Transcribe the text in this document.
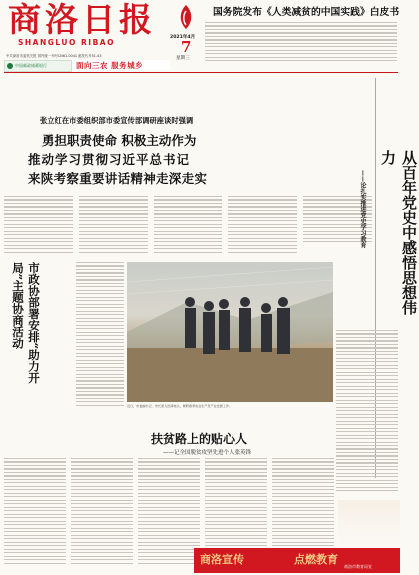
商洛日报
SHANGLUO RIBAO
2021年4月
7
星期三
中共商洛市委机关报 国内统一刊号CN61-0041 邮发代号51-43
中国邮政储蓄银行	面向三农 服务城乡
国务院发布《人类减贫的中国实践》白皮书
张立红在市委组织部市委宣传部调研座谈时强调
勇担职责使命 积极主动作为
推动学习贯彻习近平总书记
来陕考察重要讲话精神走深走实	从百年党史中感悟思想伟力
——论扎实推进党史学习教育
市政协部署安排“助力开局”主题协商活动
近日，市委副书记、市长深入田间地头，调研春季农业生产及产业发展工作。
扶贫路上的贴心人
——记全国脱贫攻坚先进个人张英锋
商洛宣传	点燃教育
商洛市教育局宣
